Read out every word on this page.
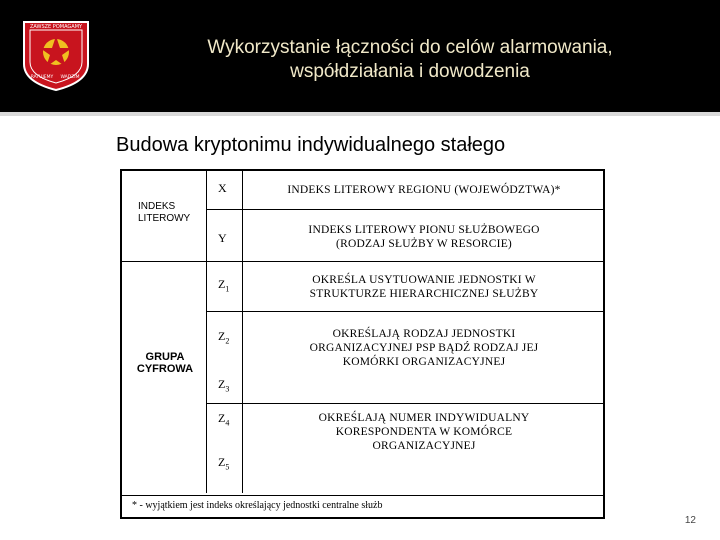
ZAWSZE POMAGAMY
RATUJEMY WADZIM
Wykorzystanie łączności do celów alarmowania,
współdziałania i dowodzenia
Budowa kryptonimu indywidualnego stałego
INDEKS LITEROWY
GRUPA CYFROWA
X
Y
$Z_1$
$Z_2$
$Z_3$
$Z_4$
$Z_5$
INDEKS LITEROWY REGIONU (WOJEWÓDZTWA)*
INDEKS LITEROWY PIONU SŁUŻBOWEGO
(RODZAJ SŁUŻBY W RESORCIE)
OKREŚLA USYTUOWANIE JEDNOSTKI W
STRUKTURZE HIERARCHICZNEJ SŁUŻBY
OKREŚLAJĄ RODZAJ JEDNOSTKI
ORGANIZACYJNEJ PSP BĄDŹ RODZAJ JEJ
KOMÓRKI ORGANIZACYJNEJ
OKREŚLAJĄ NUMER INDYWIDUALNY
KORESPONDENTA W KOMÓRCE
ORGANIZACYJNEJ
* - wyjątkiem jest indeks określający jednostki centralne służb
12
